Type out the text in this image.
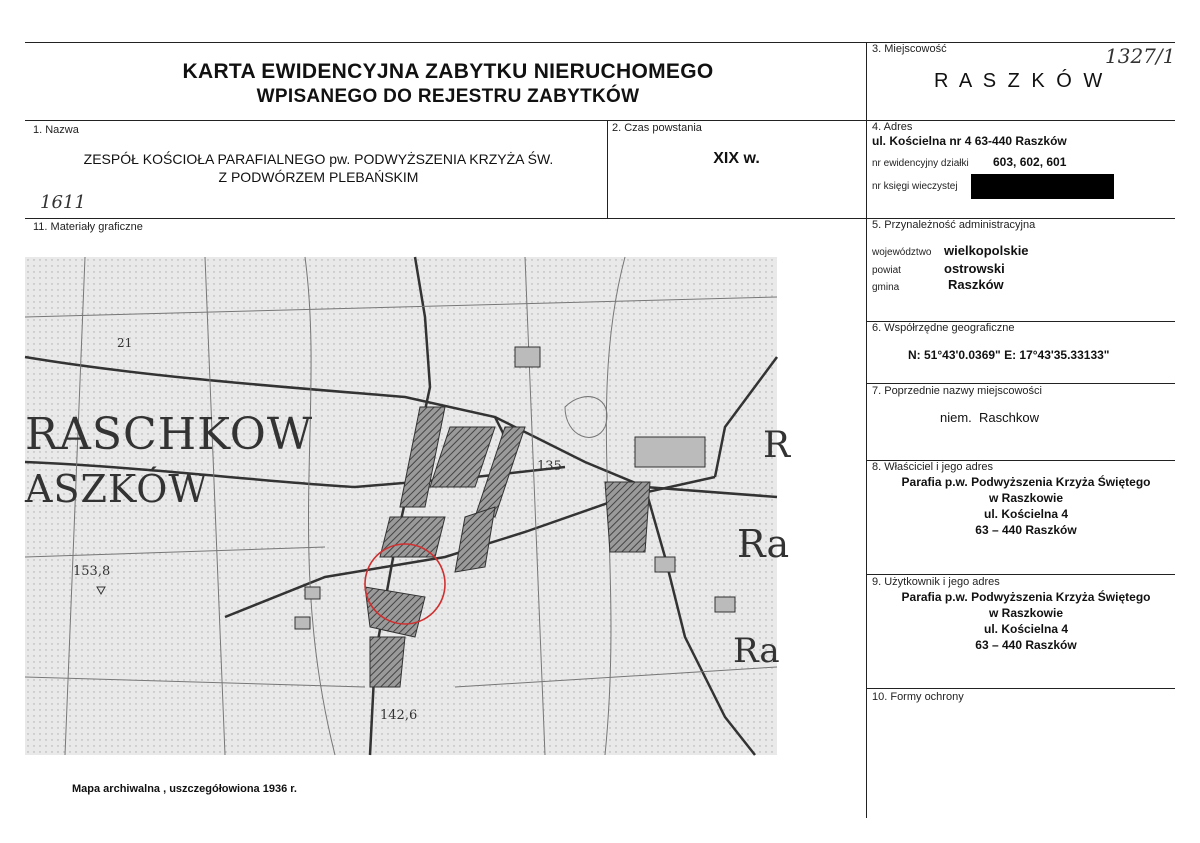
KARTA EWIDENCYJNA ZABYTKU NIERUCHOMEGO
WPISANEGO DO REJESTRU ZABYTKÓW
3. Miejscowość	1327/1
R A S Z K Ó W
1. Nazwa
ZESPÓŁ KOŚCIOŁA PARAFIALNEGO pw. PODWYŻSZENIA KRZYŻA ŚW.
Z PODWÓRZEM PLEBAŃSKIM
1611
2. Czas powstania
XIX w.
4. Adres
ul. Kościelna nr 4 63-440 Raszków
nr ewidencyjny działki 603, 602, 601
nr księgi wieczystej
5. Przynależność administracyjna
województwo wielkopolskie
powiat	ostrowski
gmina	Raszków
6. Współrzędne geograficzne
N: 51°43'0.0369" E: 17°43'35.33133"
7. Poprzednie nazwy miejscowości
niem.  Raschkow
8. Właściciel i jego adres
Parafia p.w. Podwyższenia Krzyża Świętego
w Raszkowie
ul. Kościelna 4
63 – 440 Raszków
9. Użytkownik i jego adres
Parafia p.w. Podwyższenia Krzyża Świętego
w Raszkowie
ul. Kościelna 4
63 – 440 Raszków
10. Formy ochrony
11. Materiały graficzne
RASCHKOW
ASZKÓW
153,8
135
142,6
Ra
Ra
21
R
Mapa archiwalna , uszczegółowiona 1936 r.
